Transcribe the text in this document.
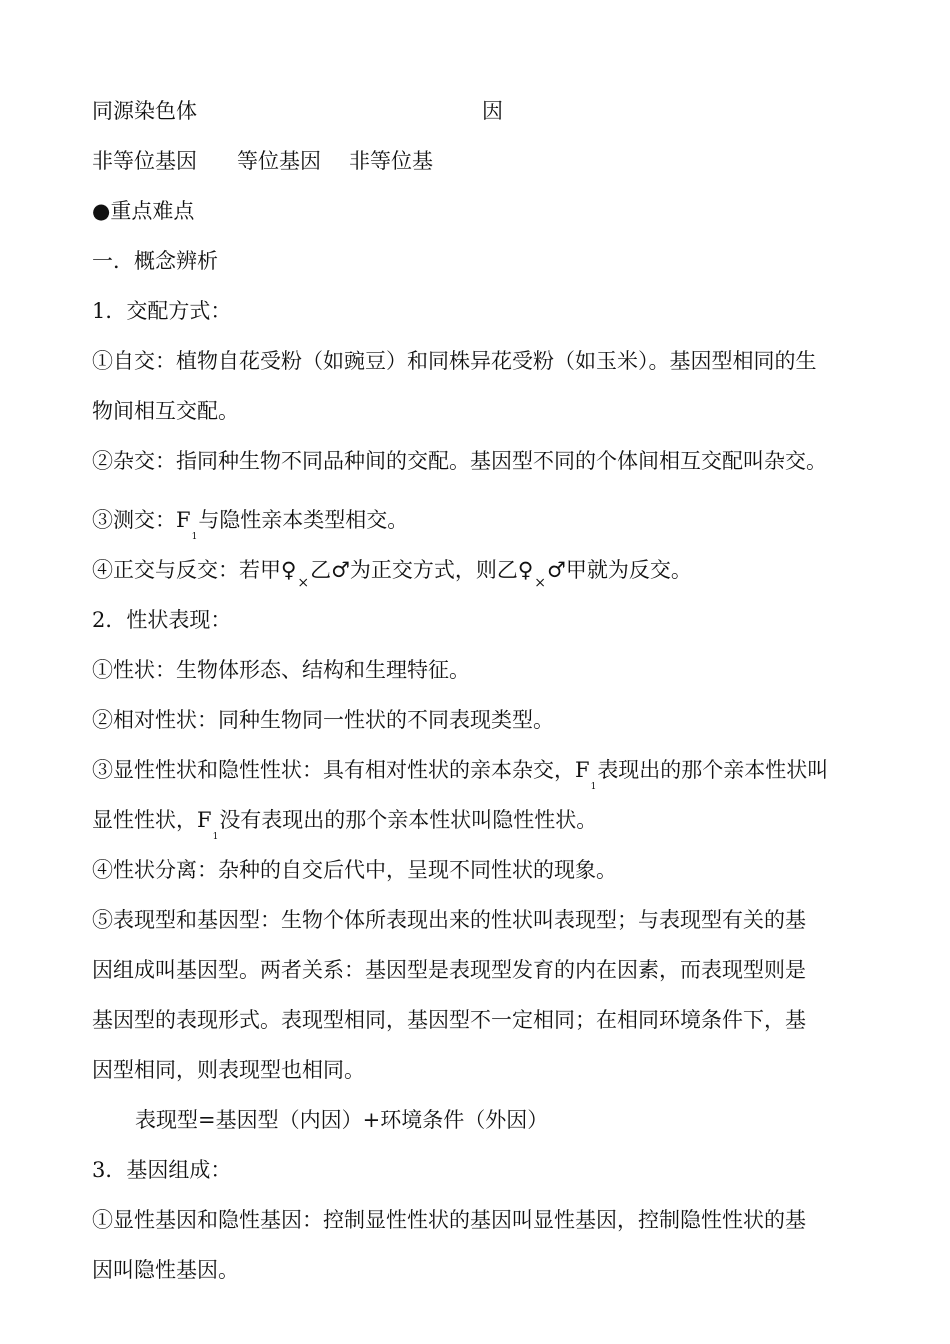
同源染色体	因
非等位基因 等位基因 非等位基
●重点难点
一．概念辨析
1．交配方式：
①自交：植物自花受粉（如豌豆）和同株异花受粉（如玉米）。基因型相同的生
物间相互交配。
②杂交：指同种生物不同品种间的交配。基因型不同的个体间相互交配叫杂交。
③测交：$F_1$与隐性亲本类型相交。
④正交与反交：若甲♀×乙♂为正交方式，则乙♀×♂甲就为反交。
2．性状表现：
①性状：生物体形态、结构和生理特征。
②相对性状：同种生物同一性状的不同表现类型。
③显性性状和隐性性状：具有相对性状的亲本杂交，$F_1$表现出的那个亲本性状叫
显性性状，$F_1$没有表现出的那个亲本性状叫隐性性状。
④性状分离：杂种的自交后代中，呈现不同性状的现象。
⑤表现型和基因型：生物个体所表现出来的性状叫表现型；与表现型有关的基
因组成叫基因型。两者关系：基因型是表现型发育的内在因素，而表现型则是
基因型的表现形式。表现型相同，基因型不一定相同；在相同环境条件下，基
因型相同，则表现型也相同。
表现型=基因型（内因）+环境条件（外因）
3．基因组成：
①显性基因和隐性基因：控制显性性状的基因叫显性基因，控制隐性性状的基
因叫隐性基因。
